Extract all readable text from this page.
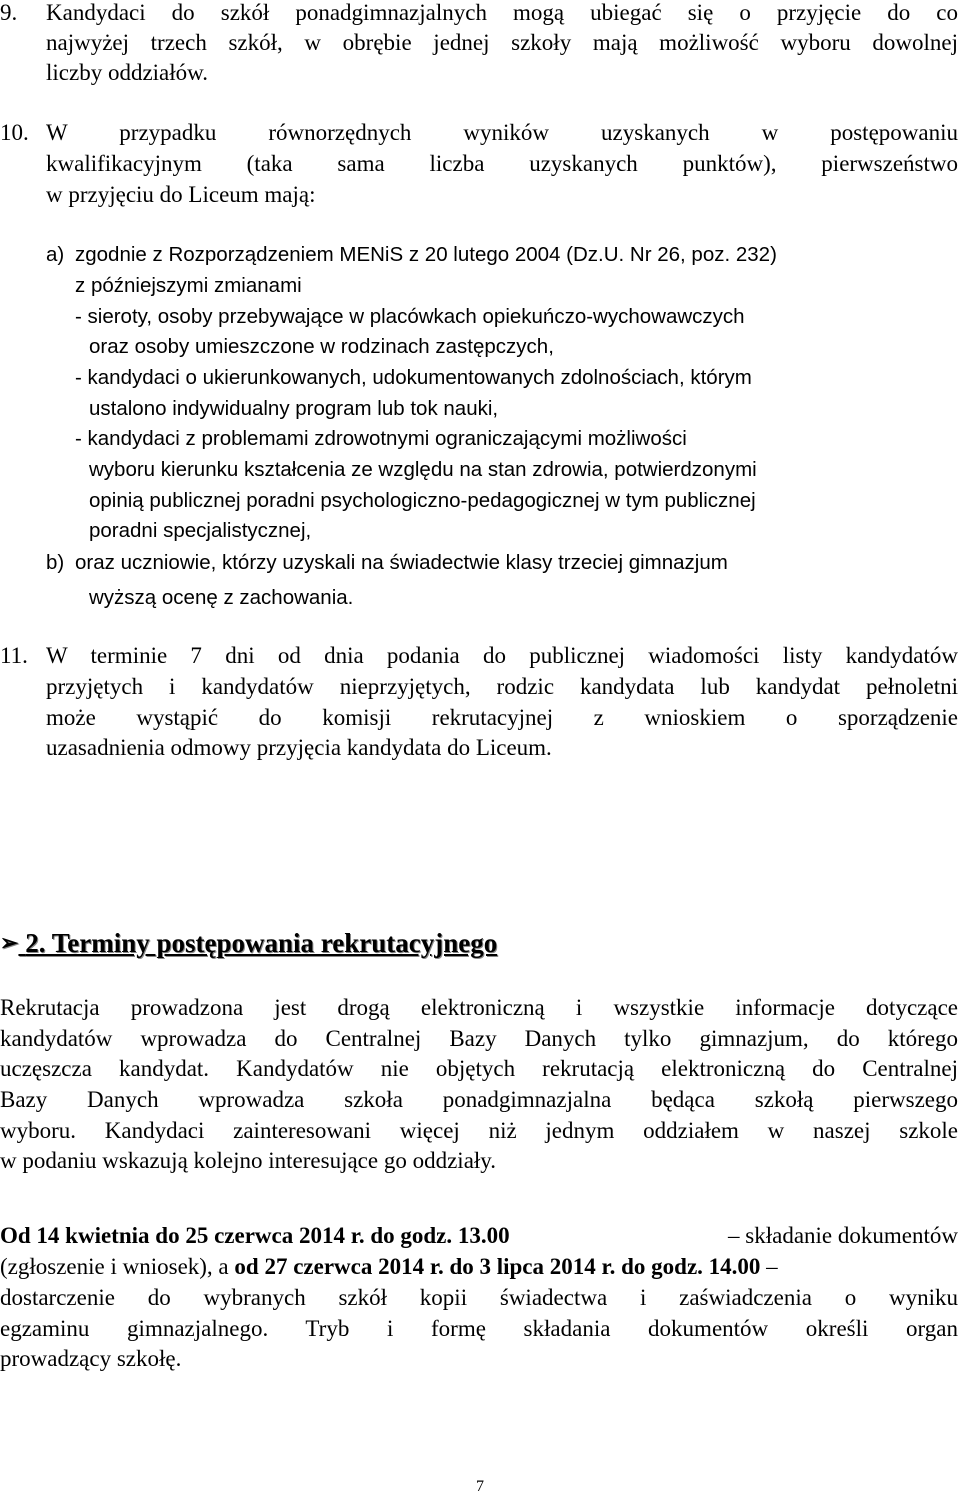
9. Kandydaci do szkół ponadgimnazjalnych mogą ubiegać się o przyjęcie do co
najwyżej trzech szkół, w obrębie jednej szkoły mają możliwość wyboru dowolnej
liczby oddziałów.
10. W przypadku równorzędnych wyników uzyskanych w postępowaniu
kwalifikacyjnym (taka sama liczba uzyskanych punktów), pierwszeństwo
w przyjęciu do Liceum mają:
a) zgodnie z Rozporządzeniem MENiS z 20 lutego 2004 (Dz.U. Nr 26, poz. 232)
z późniejszymi zmianami
- sieroty, osoby przebywające w placówkach opiekuńczo-wychowawczych
oraz osoby umieszczone w rodzinach zastępczych,
- kandydaci o ukierunkowanych, udokumentowanych zdolnościach, którym
ustalono indywidualny program lub tok nauki,
- kandydaci z problemami zdrowotnymi ograniczającymi możliwości
wyboru kierunku kształcenia ze względu na stan zdrowia, potwierdzonymi
opinią publicznej poradni psychologiczno-pedagogicznej w tym publicznej
poradni specjalistycznej,
b) oraz uczniowie, którzy uzyskali na świadectwie klasy trzeciej gimnazjum
wyższą ocenę z zachowania.
11. W terminie 7 dni od dnia podania do publicznej wiadomości listy kandydatów
przyjętych i kandydatów nieprzyjętych, rodzic kandydata lub kandydat pełnoletni
może wystąpić do komisji rekrutacyjnej z wnioskiem o sporządzenie
uzasadnienia odmowy przyjęcia kandydata do Liceum.
➢ 2. Terminy postępowania rekrutacyjnego
Rekrutacja prowadzona jest drogą elektroniczną i wszystkie informacje dotyczące
kandydatów wprowadza do Centralnej Bazy Danych tylko gimnazjum, do którego
uczęszcza kandydat. Kandydatów nie objętych rekrutacją elektroniczną do Centralnej
Bazy Danych wprowadza szkoła ponadgimnazjalna będąca szkołą pierwszego
wyboru. Kandydaci zainteresowani więcej niż jednym oddziałem w naszej szkole
w podaniu wskazują kolejno interesujące go oddziały.
Od 14 kwietnia do 25 czerwca 2014 r. do godz. 13.00	– składanie dokumentów
(zgłoszenie i wniosek), a od 27 czerwca 2014 r. do 3 lipca 2014 r. do godz. 14.00 –
dostarczenie do wybranych szkół kopii świadectwa i zaświadczenia o wyniku
egzaminu gimnazjalnego. Tryb i formę składania dokumentów określi organ
prowadzący szkołę.
7
